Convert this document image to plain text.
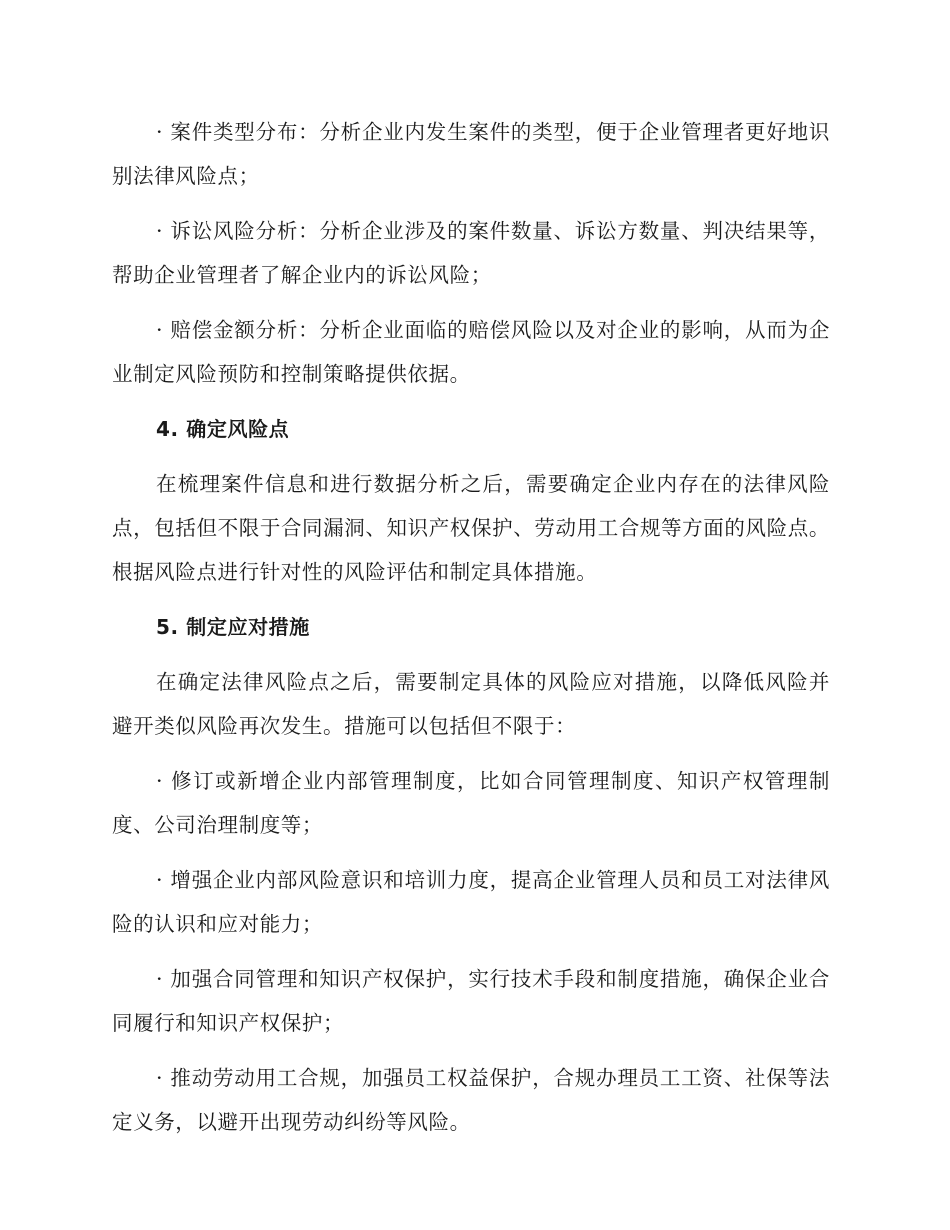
· 案件类型分布：分析企业内发生案件的类型，便于企业管理者更好地识别法律风险点；

· 诉讼风险分析：分析企业涉及的案件数量、诉讼方数量、判决结果等，帮助企业管理者了解企业内的诉讼风险；

· 赔偿金额分析：分析企业面临的赔偿风险以及对企业的影响，从而为企业制定风险预防和控制策略提供依据。

4. 确定风险点

在梳理案件信息和进行数据分析之后，需要确定企业内存在的法律风险点，包括但不限于合同漏洞、知识产权保护、劳动用工合规等方面的风险点。根据风险点进行针对性的风险评估和制定具体措施。

5. 制定应对措施

在确定法律风险点之后，需要制定具体的风险应对措施，以降低风险并避开类似风险再次发生。措施可以包括但不限于：

· 修订或新增企业内部管理制度，比如合同管理制度、知识产权管理制度、公司治理制度等；

· 增强企业内部风险意识和培训力度，提高企业管理人员和员工对法律风险的认识和应对能力；

· 加强合同管理和知识产权保护，实行技术手段和制度措施，确保企业合同履行和知识产权保护；

· 推动劳动用工合规，加强员工权益保护，合规办理员工工资、社保等法定义务，以避开出现劳动纠纷等风险。
